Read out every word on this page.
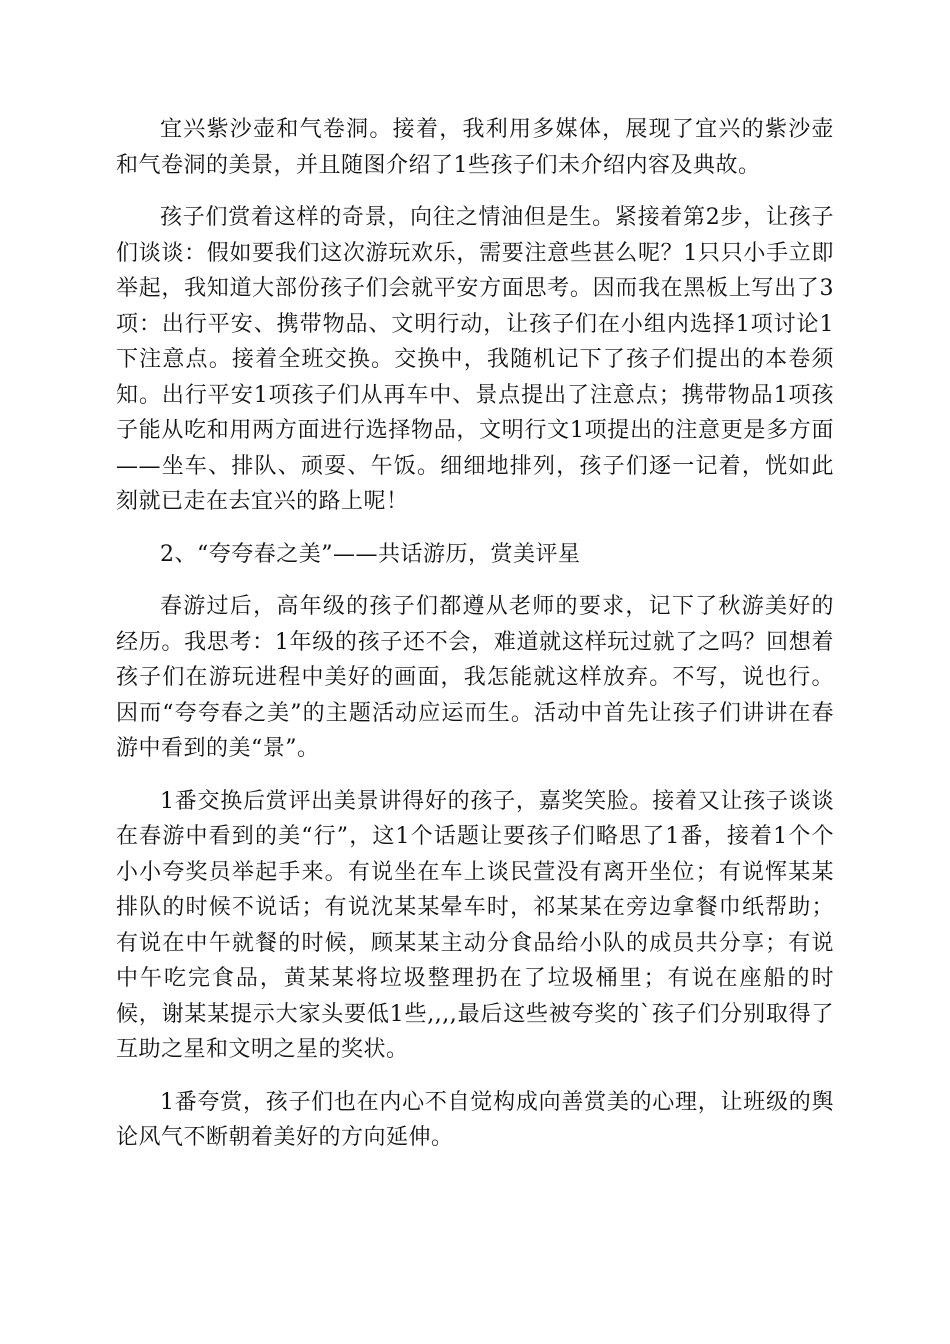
宜兴紫沙壶和气卷洞。接着，我利用多媒体，展现了宜兴的紫沙壶和气卷洞的美景，并且随图介绍了1些孩子们未介绍内容及典故。

孩子们赏着这样的奇景，向往之情油但是生。紧接着第2步，让孩子们谈谈：假如要我们这次游玩欢乐，需要注意些甚么呢？1只只小手立即举起，我知道大部份孩子们会就平安方面思考。因而我在黑板上写出了3项：出行平安、携带物品、文明行动，让孩子们在小组内选择1项讨论1下注意点。接着全班交换。交换中，我随机记下了孩子们提出的本卷须知。出行平安1项孩子们从再车中、景点提出了注意点；携带物品1项孩子能从吃和用两方面进行选择物品，文明行文1项提出的注意更是多方面——坐车、排队、顽耍、午饭。细细地排列，孩子们逐一记着，恍如此刻就已走在去宜兴的路上呢！

2、“夸夸春之美”——共话游历，赏美评星

春游过后，高年级的孩子们都遵从老师的要求，记下了秋游美好的经历。我思考：1年级的孩子还不会，难道就这样玩过就了之吗？回想着孩子们在游玩进程中美好的画面，我怎能就这样放弃。不写，说也行。因而“夸夸春之美”的主题活动应运而生。活动中首先让孩子们讲讲在春游中看到的美“景”。

1番交换后赏评出美景讲得好的孩子，嘉奖笑脸。接着又让孩子谈谈在春游中看到的美“行”，这1个话题让要孩子们略思了1番，接着1个个小小夸奖员举起手来。有说坐在车上谈民萱没有离开坐位；有说恽某某排队的时候不说话；有说沈某某晕车时，祁某某在旁边拿餐巾纸帮助；有说在中午就餐的时候，顾某某主动分食品给小队的成员共分享；有说中午吃完食品，黄某某将垃圾整理扔在了垃圾桶里；有说在座船的时候，谢某某提示大家头要低1些,,,,最后这些被夸奖的`孩子们分别取得了互助之星和文明之星的奖状。

1番夸赏，孩子们也在内心不自觉构成向善赏美的心理，让班级的舆论风气不断朝着美好的方向延伸。
